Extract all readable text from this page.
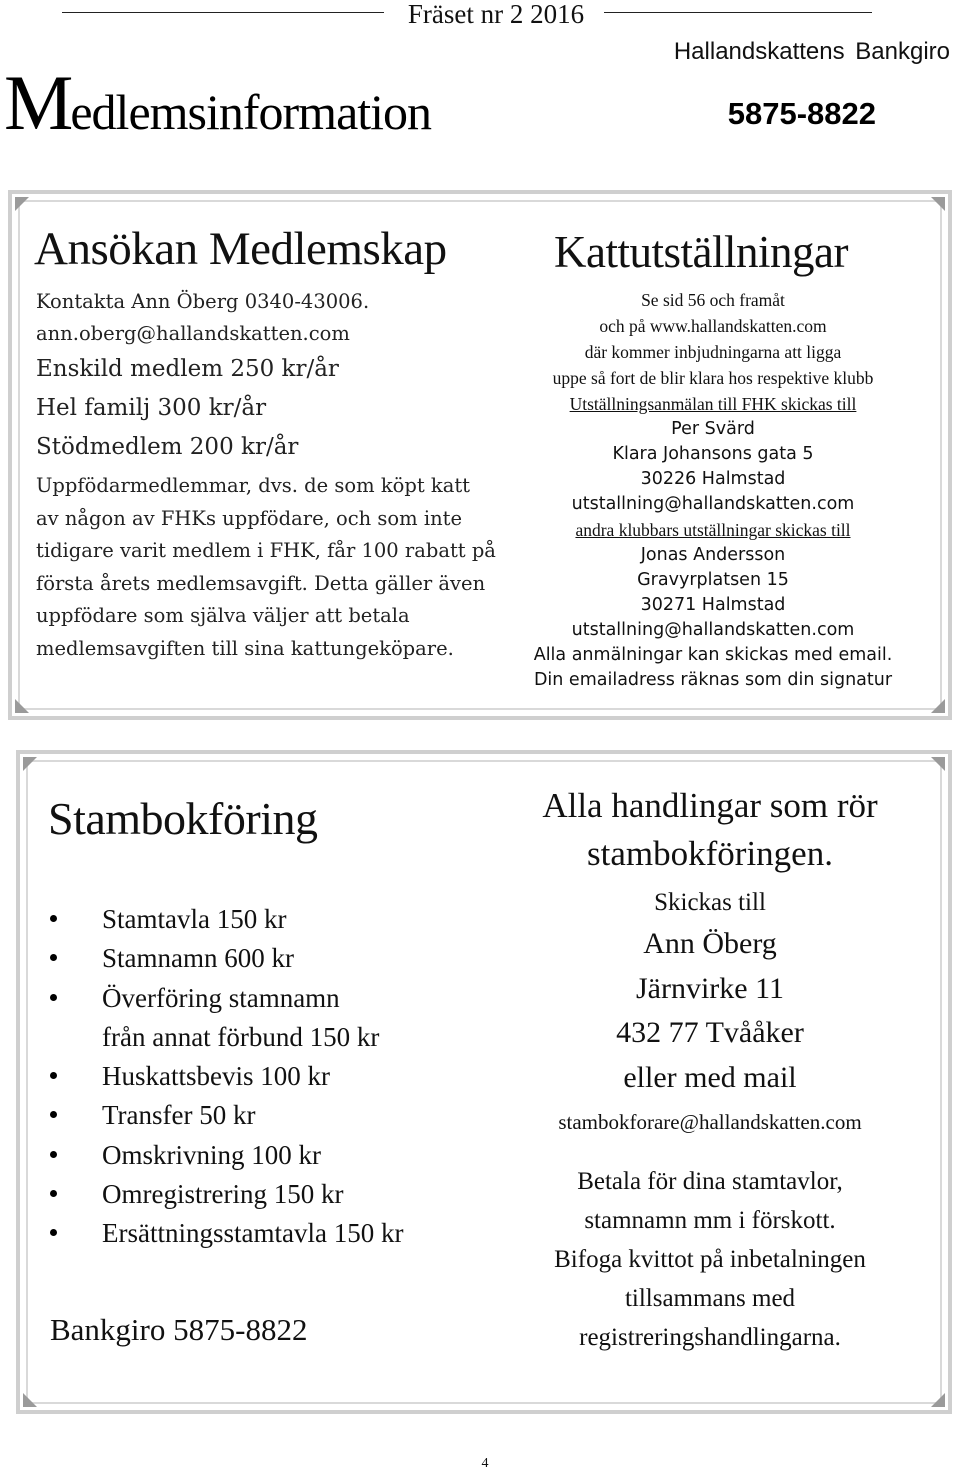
Fräset nr 2 2016
Medlemsinformation
Hallandskattens Bankgiro
5875-8822
Ansökan Medlemskap
Kontakta Ann Öberg 0340-43006.
ann.oberg@hallandskatten.com
Enskild medlem 250 kr/år
Hel familj 300 kr/år
Stödmedlem 200 kr/år
Uppfödarmedlemmar, dvs. de som köpt katt av någon av FHKs uppfödare, och som inte tidigare varit medlem i FHK, får 100 rabatt på första årets medlemsavgift. Detta gäller även uppfödare som själva väljer att betala medlemsavgiften till sina kattungeköpare.
Kattutställningar
Se sid 56 och framåt
och på www.hallandskatten.com
där kommer inbjudningarna att ligga
uppe så fort de blir klara hos respektive klubb
Utställningsanmälan till FHK skickas till
Per Svärd
Klara Johansons gata 5
30226 Halmstad
utstallning@hallandskatten.com
andra klubbars utställningar skickas till
Jonas Andersson
Gravyrplatsen 15
30271 Halmstad
utstallning@hallandskatten.com
Alla anmälningar kan skickas med email.
Din emailadress räknas som din signatur
Stambokföring
Stamtavla 150 kr
Stamnamn 600 kr
Överföring stamnamn
från annat förbund 150 kr
Huskattsbevis 100 kr
Transfer 50 kr
Omskrivning 100 kr
Omregistrering 150 kr
Ersättningsstamtavla 150 kr
Bankgiro 5875-8822
Alla handlingar som rör
stambokföringen.
Skickas till
Ann Öberg
Järnvirke 11
432 77 Tvååker
eller med mail
stambokforare@hallandskatten.com
Betala för dina stamtavlor,
stamnamn mm i förskott.
Bifoga kvittot på inbetalningen
tillsammans med
registreringshandlingarna.
4
